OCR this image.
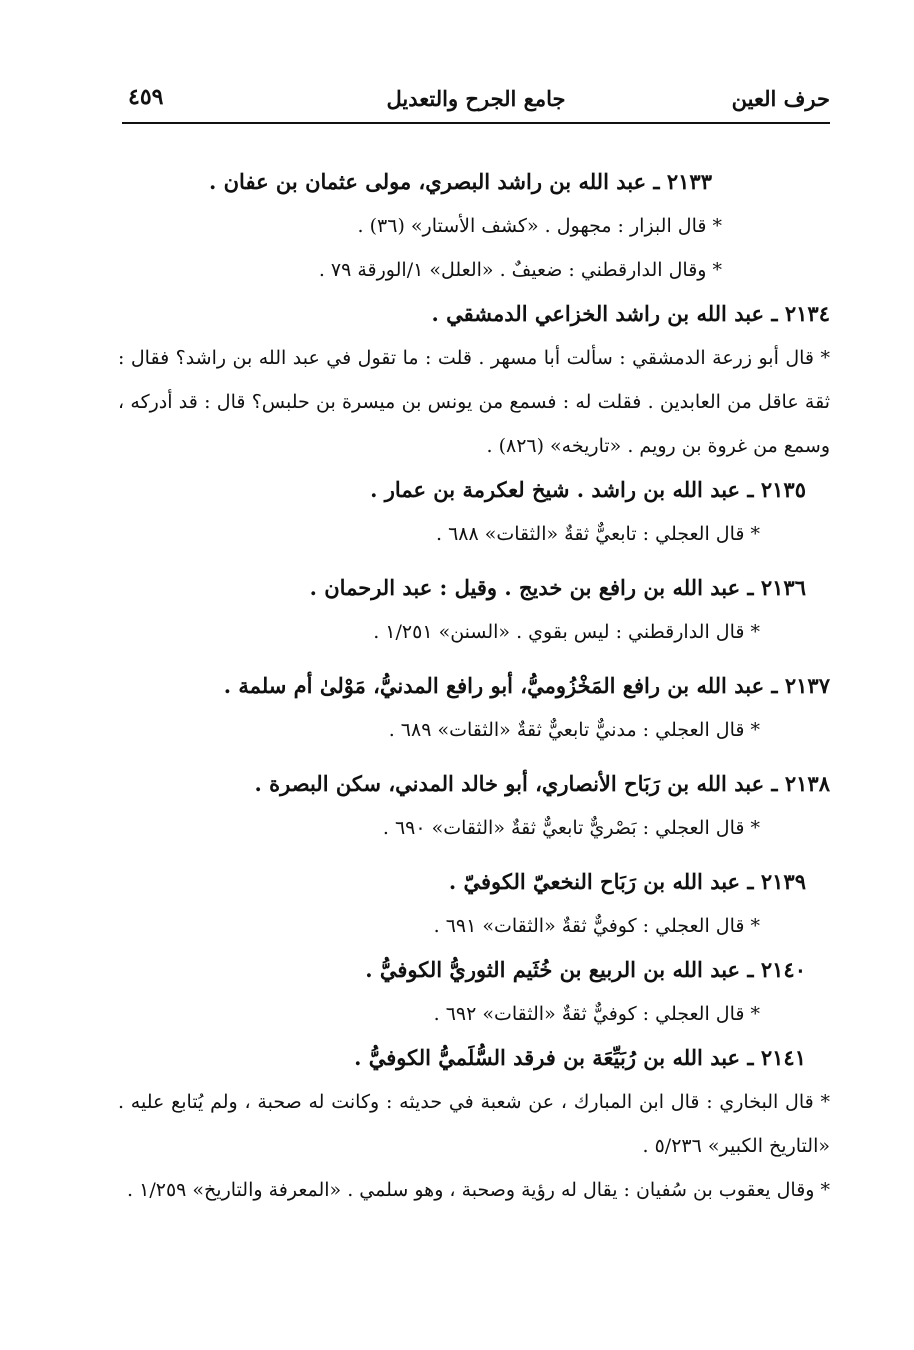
حرف العين
جامع الجرح والتعديل
٤٥٩
٢١٣٣ ـ عبد الله بن راشد البصري، مولى عثمان بن عفان .
* قال البزار : مجهول . «كشف الأستار» (٣٦) .
* وقال الدارقطني : ضعيفٌ . «العلل» ١/الورقة ٧٩ .
٢١٣٤ ـ عبد الله بن راشد الخزاعي الدمشقي .
* قال أبو زرعة الدمشقي : سألت أبا مسهر . قلت : ما تقول في عبد الله بن راشد؟ فقال : ثقة عاقل من العابدين . فقلت له : فسمع من يونس بن ميسرة بن حلبس؟ قال : قد أدركه ، وسمع من غروة بن رويم . «تاريخه» (٨٢٦) .
٢١٣٥ ـ عبد الله بن راشد . شيخ لعكرمة بن عمار .
* قال العجلي : تابعيٌّ ثقةٌ «الثقات» ٦٨٨ .
٢١٣٦ ـ عبد الله بن رافع بن خديج . وقيل : عبد الرحمان .
* قال الدارقطني : ليس بقوي . «السنن» ١/٢٥١ .
٢١٣٧ ـ عبد الله بن رافع المَخْزُوميُّ، أبو رافع المدنيُّ، مَوْلىٰ أم سلمة .
* قال العجلي : مدنيٌّ تابعيٌّ ثقةٌ «الثقات» ٦٨٩ .
٢١٣٨ ـ عبد الله بن رَبَاح الأنصاري، أبو خالد المدني، سكن البصرة .
* قال العجلي : بَصْريٌّ تابعيٌّ ثقةٌ «الثقات» ٦٩٠ .
٢١٣٩ ـ عبد الله بن رَبَاح النخعيّ الكوفيّ .
* قال العجلي : كوفيٌّ ثقةٌ «الثقات» ٦٩١ .
٢١٤٠ ـ عبد الله بن الربيع بن خُثَيم الثوريُّ الكوفيُّ .
* قال العجلي : كوفيٌّ ثقةٌ «الثقات» ٦٩٢ .
٢١٤١ ـ عبد الله بن رُبَيِّعَة بن فرقد السُّلَميُّ الكوفيُّ .
* قال البخاري : قال ابن المبارك ، عن شعبة في حديثه : وكانت له صحبة ، ولم يُتابع عليه . «التاريخ الكبير» ٥/٢٣٦ .
* وقال يعقوب بن سُفيان : يقال له رؤية وصحبة ، وهو سلمي . «المعرفة والتاريخ» ١/٢٥٩ .
